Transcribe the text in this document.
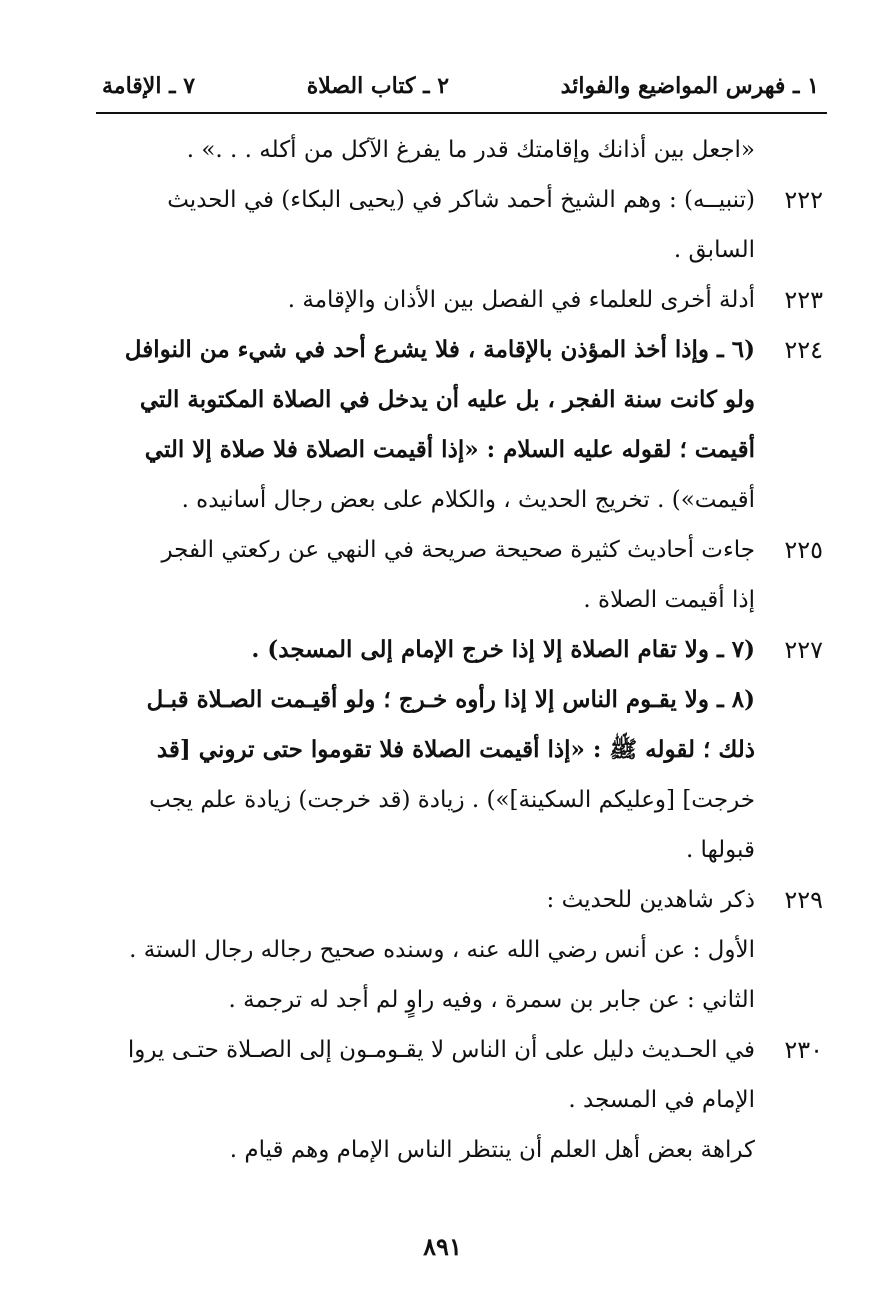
١ ـ فهرس المواضيع والفوائد
٢ ـ كتاب الصلاة
٧ ـ الإقامة
«اجعل بين أذانك وإقامتك قدر ما يفرغ الآكل من أكله . . .» .
٢٢٢
(تنبيــه) : وهم الشيخ أحمد شاكر في (يحيى البكاء) في الحديث
السابق .
٢٢٣
أدلة أخرى للعلماء في الفصل بين الأذان والإقامة .
٢٢٤
(٦ ـ وإذا أخذ المؤذن بالإقامة ، فلا يشرع أحد في شيء من النوافل
ولو كانت سنة الفجر ، بل عليه أن يدخل في الصلاة المكتوبة التي
أقيمت ؛ لقوله عليه السلام : «إذا أقيمت الصلاة فلا صلاة إلا التي
أقيمت») . تخريج الحديث ، والكلام على بعض رجال أسانيده .
٢٢٥
جاءت أحاديث كثيرة صحيحة صريحة في النهي عن ركعتي الفجر
إذا أقيمت الصلاة .
٢٢٧
(٧ ـ ولا تقام الصلاة إلا إذا خرج الإمام إلى المسجد) .
(٨ ـ ولا يقـوم الناس إلا إذا رأوه خـرج ؛ ولو أقيـمت الصـلاة قبـل
ذلك ؛ لقوله ﷺ : «إذا أقيمت الصلاة فلا تقوموا حتى تروني [قد
خرجت] [وعليكم السكينة]») . زيادة (قد خرجت) زيادة علم يجب
قبولها .
٢٢٩
ذكر شاهدين للحديث :
الأول : عن أنس رضي الله عنه ، وسنده صحيح رجاله رجال الستة .
الثاني : عن جابر بن سمرة ، وفيه راوٍ لم أجد له ترجمة .
٢٣٠
في الحـديث دليل على أن الناس لا يقـومـون إلى الصـلاة حتـى يروا
الإمام في المسجد .
كراهة بعض أهل العلم أن ينتظر الناس الإمام وهم قيام .
٨٩١
